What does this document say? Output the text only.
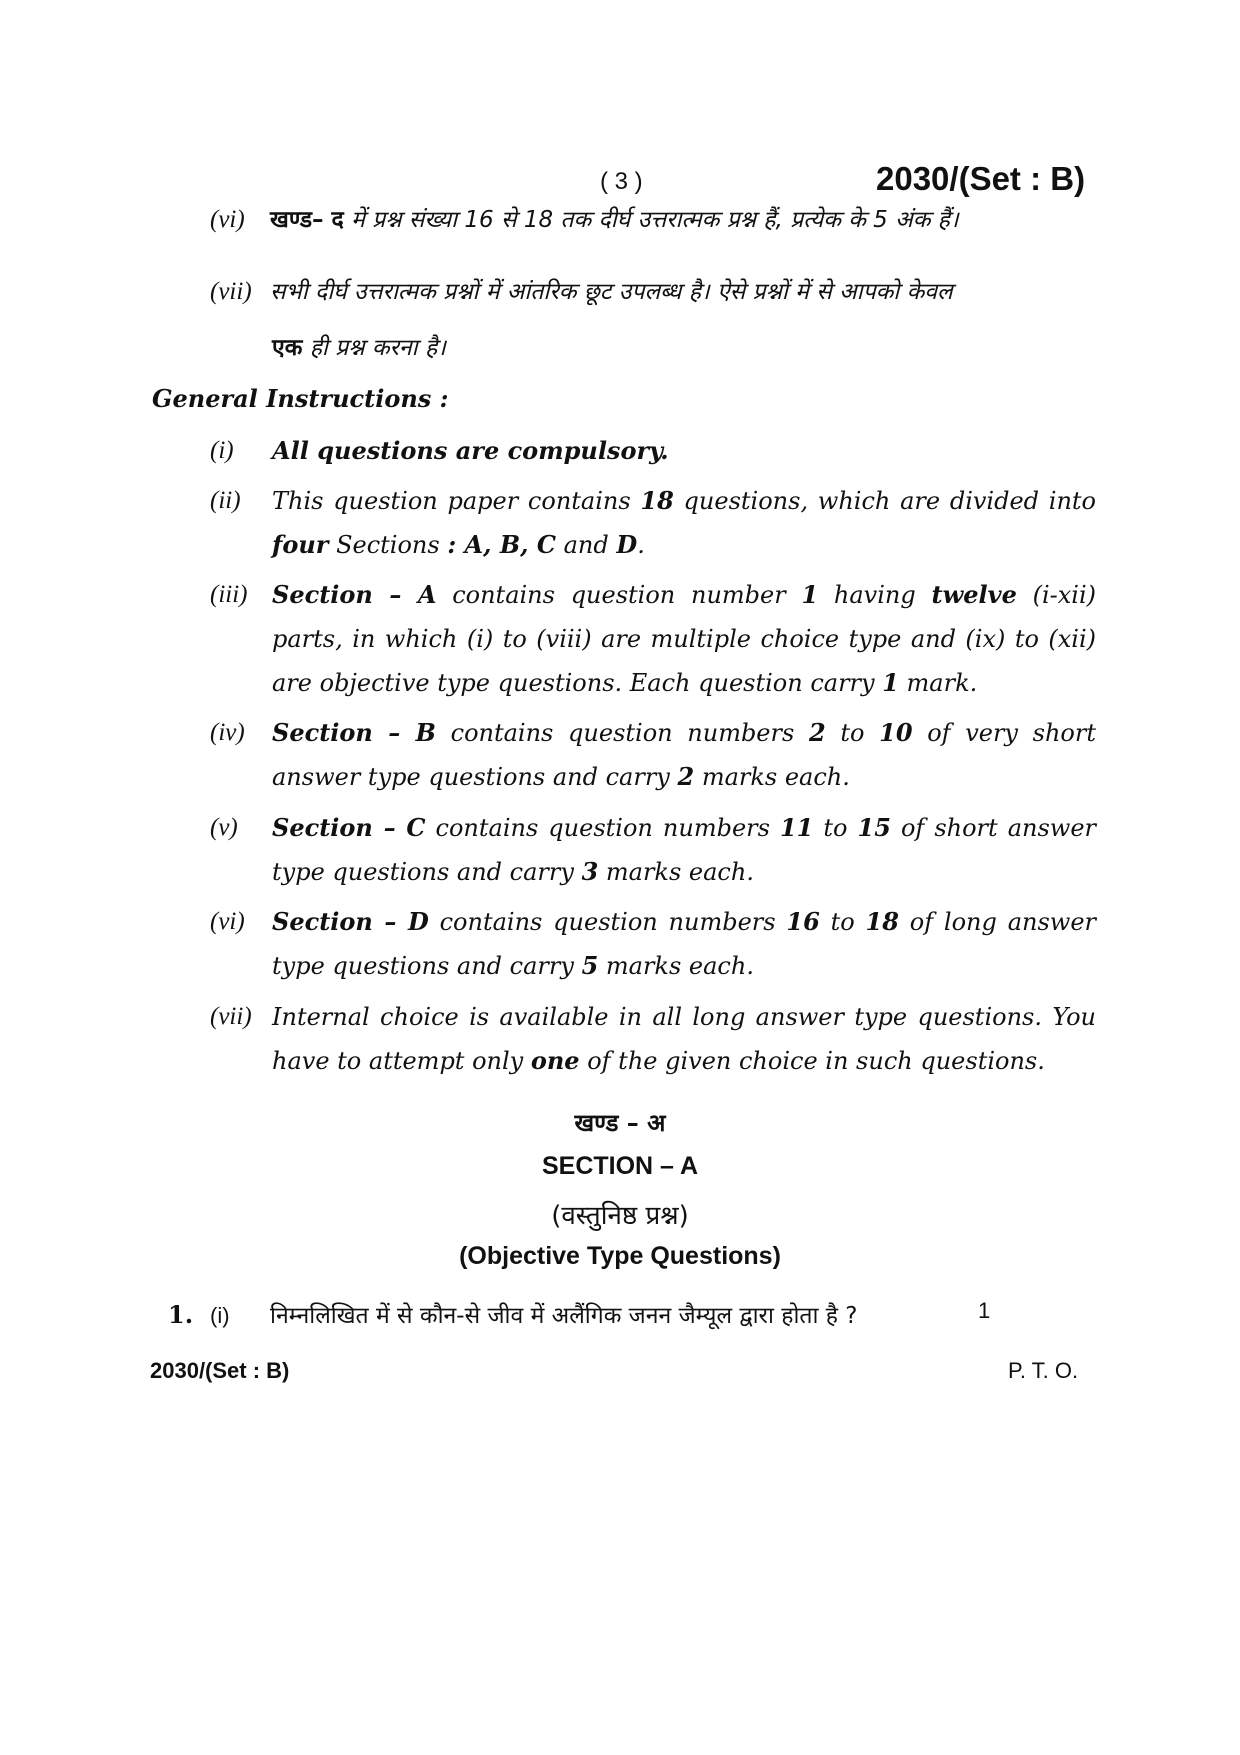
( 3 )	2030/(Set : B)
(vi) खण्ड– द में प्रश्न संख्या 16 से 18 तक दीर्घ उत्तरात्मक प्रश्न हैं, प्रत्येक के 5 अंक हैं।
(vii) सभी दीर्घ उत्तरात्मक प्रश्नों में आंतरिक छूट उपलब्ध है। ऐसे प्रश्नों में से आपको केवल
एक ही प्रश्न करना है।
General Instructions :
(i) All questions are compulsory.
(ii) This question paper contains 18 questions, which are divided into four Sections : A, B, C and D.
(iii) Section – A contains question number 1 having twelve (i-xii) parts, in which (i) to (viii) are multiple choice type and (ix) to (xii) are objective type questions. Each question carry 1 mark.
(iv) Section – B contains question numbers 2 to 10 of very short answer type questions and carry 2 marks each.
(v) Section – C contains question numbers 11 to 15 of short answer type questions and carry 3 marks each.
(vi) Section – D contains question numbers 16 to 18 of long answer type questions and carry 5 marks each.
(vii) Internal choice is available in all long answer type questions. You have to attempt only one of the given choice in such questions.
खण्ड – अ
SECTION – A
(वस्तुनिष्ठ प्रश्न)
(Objective Type Questions)
1. (i) निम्नलिखित में से कौन-से जीव में अलैंगिक जनन जैम्यूल द्वारा होता है ?	1
2030/(Set : B)	P. T. O.
